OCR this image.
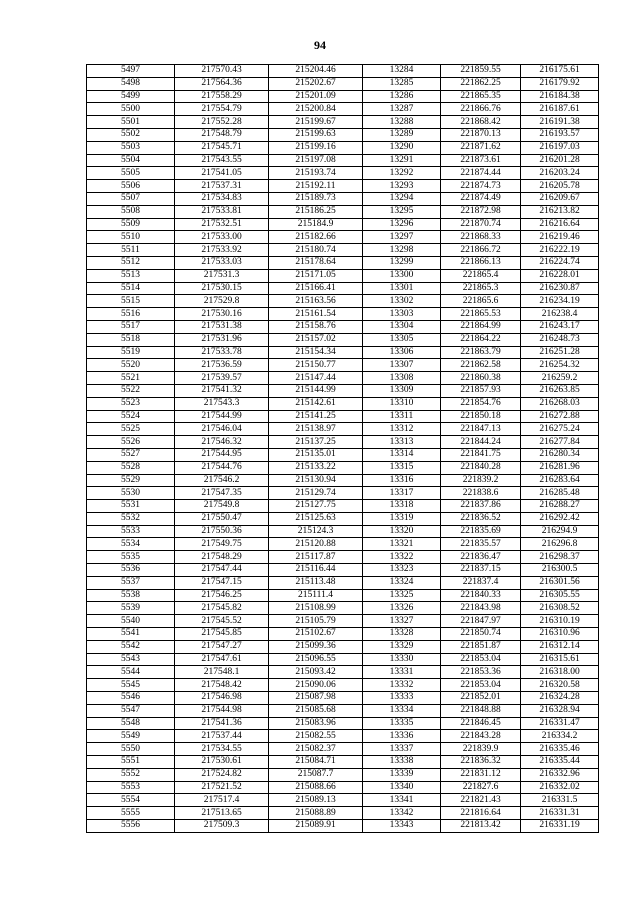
94
5497	217570.43	215204.46	13284	221859.55	216175.61
5498	217564.36	215202.67	13285	221862.25	216179.92
5499	217558.29	215201.09	13286	221865.35	216184.38
5500	217554.79	215200.84	13287	221866.76	216187.61
5501	217552.28	215199.67	13288	221868.42	216191.38
5502	217548.79	215199.63	13289	221870.13	216193.57
5503	217545.71	215199.16	13290	221871.62	216197.03
5504	217543.55	215197.08	13291	221873.61	216201.28
5505	217541.05	215193.74	13292	221874.44	216203.24
5506	217537.31	215192.11	13293	221874.73	216205.78
5507	217534.83	215189.73	13294	221874.49	216209.67
5508	217533.81	215186.25	13295	221872.98	216213.82
5509	217532.51	215184.9	13296	221870.74	216216.64
5510	217533.00	215182.66	13297	221868.33	216219.46
5511	217533.92	215180.74	13298	221866.72	216222.19
5512	217533.03	215178.64	13299	221866.13	216224.74
5513	217531.3	215171.05	13300	221865.4	216228.01
5514	217530.15	215166.41	13301	221865.3	216230.87
5515	217529.8	215163.56	13302	221865.6	216234.19
5516	217530.16	215161.54	13303	221865.53	216238.4
5517	217531.38	215158.76	13304	221864.99	216243.17
5518	217531.96	215157.02	13305	221864.22	216248.73
5519	217533.78	215154.34	13306	221863.79	216251.28
5520	217536.59	215150.77	13307	221862.58	216254.32
5521	217539.57	215147.44	13308	221860.38	216259.2
5522	217541.32	215144.99	13309	221857.93	216263.85
5523	217543.3	215142.61	13310	221854.76	216268.03
5524	217544.99	215141.25	13311	221850.18	216272.88
5525	217546.04	215138.97	13312	221847.13	216275.24
5526	217546.32	215137.25	13313	221844.24	216277.84
5527	217544.95	215135.01	13314	221841.75	216280.34
5528	217544.76	215133.22	13315	221840.28	216281.96
5529	217546.2	215130.94	13316	221839.2	216283.64
5530	217547.35	215129.74	13317	221838.6	216285.48
5531	217549.8	215127.75	13318	221837.86	216288.27
5532	217550.47	215125.63	13319	221836.52	216292.42
5533	217550.36	215124.3	13320	221835.69	216294.9
5534	217549.75	215120.88	13321	221835.57	216296.8
5535	217548.29	215117.87	13322	221836.47	216298.37
5536	217547.44	215116.44	13323	221837.15	216300.5
5537	217547.15	215113.48	13324	221837.4	216301.56
5538	217546.25	215111.4	13325	221840.33	216305.55
5539	217545.82	215108.99	13326	221843.98	216308.52
5540	217545.52	215105.79	13327	221847.97	216310.19
5541	217545.85	215102.67	13328	221850.74	216310.96
5542	217547.27	215099.36	13329	221851.87	216312.14
5543	217547.61	215096.55	13330	221853.04	216315.61
5544	217548.1	215093.42	13331	221853.36	216318.00
5545	217548.42	215090.06	13332	221853.04	216320.58
5546	217546.98	215087.98	13333	221852.01	216324.28
5547	217544.98	215085.68	13334	221848.88	216328.94
5548	217541.36	215083.96	13335	221846.45	216331.47
5549	217537.44	215082.55	13336	221843.28	216334.2
5550	217534.55	215082.37	13337	221839.9	216335.46
5551	217530.61	215084.71	13338	221836.32	216335.44
5552	217524.82	215087.7	13339	221831.12	216332.96
5553	217521.52	215088.66	13340	221827.6	216332.02
5554	217517.4	215089.13	13341	221821.43	216331.5
5555	217513.65	215088.89	13342	221816.64	216331.31
5556	217509.3	215089.91	13343	221813.42	216331.19
